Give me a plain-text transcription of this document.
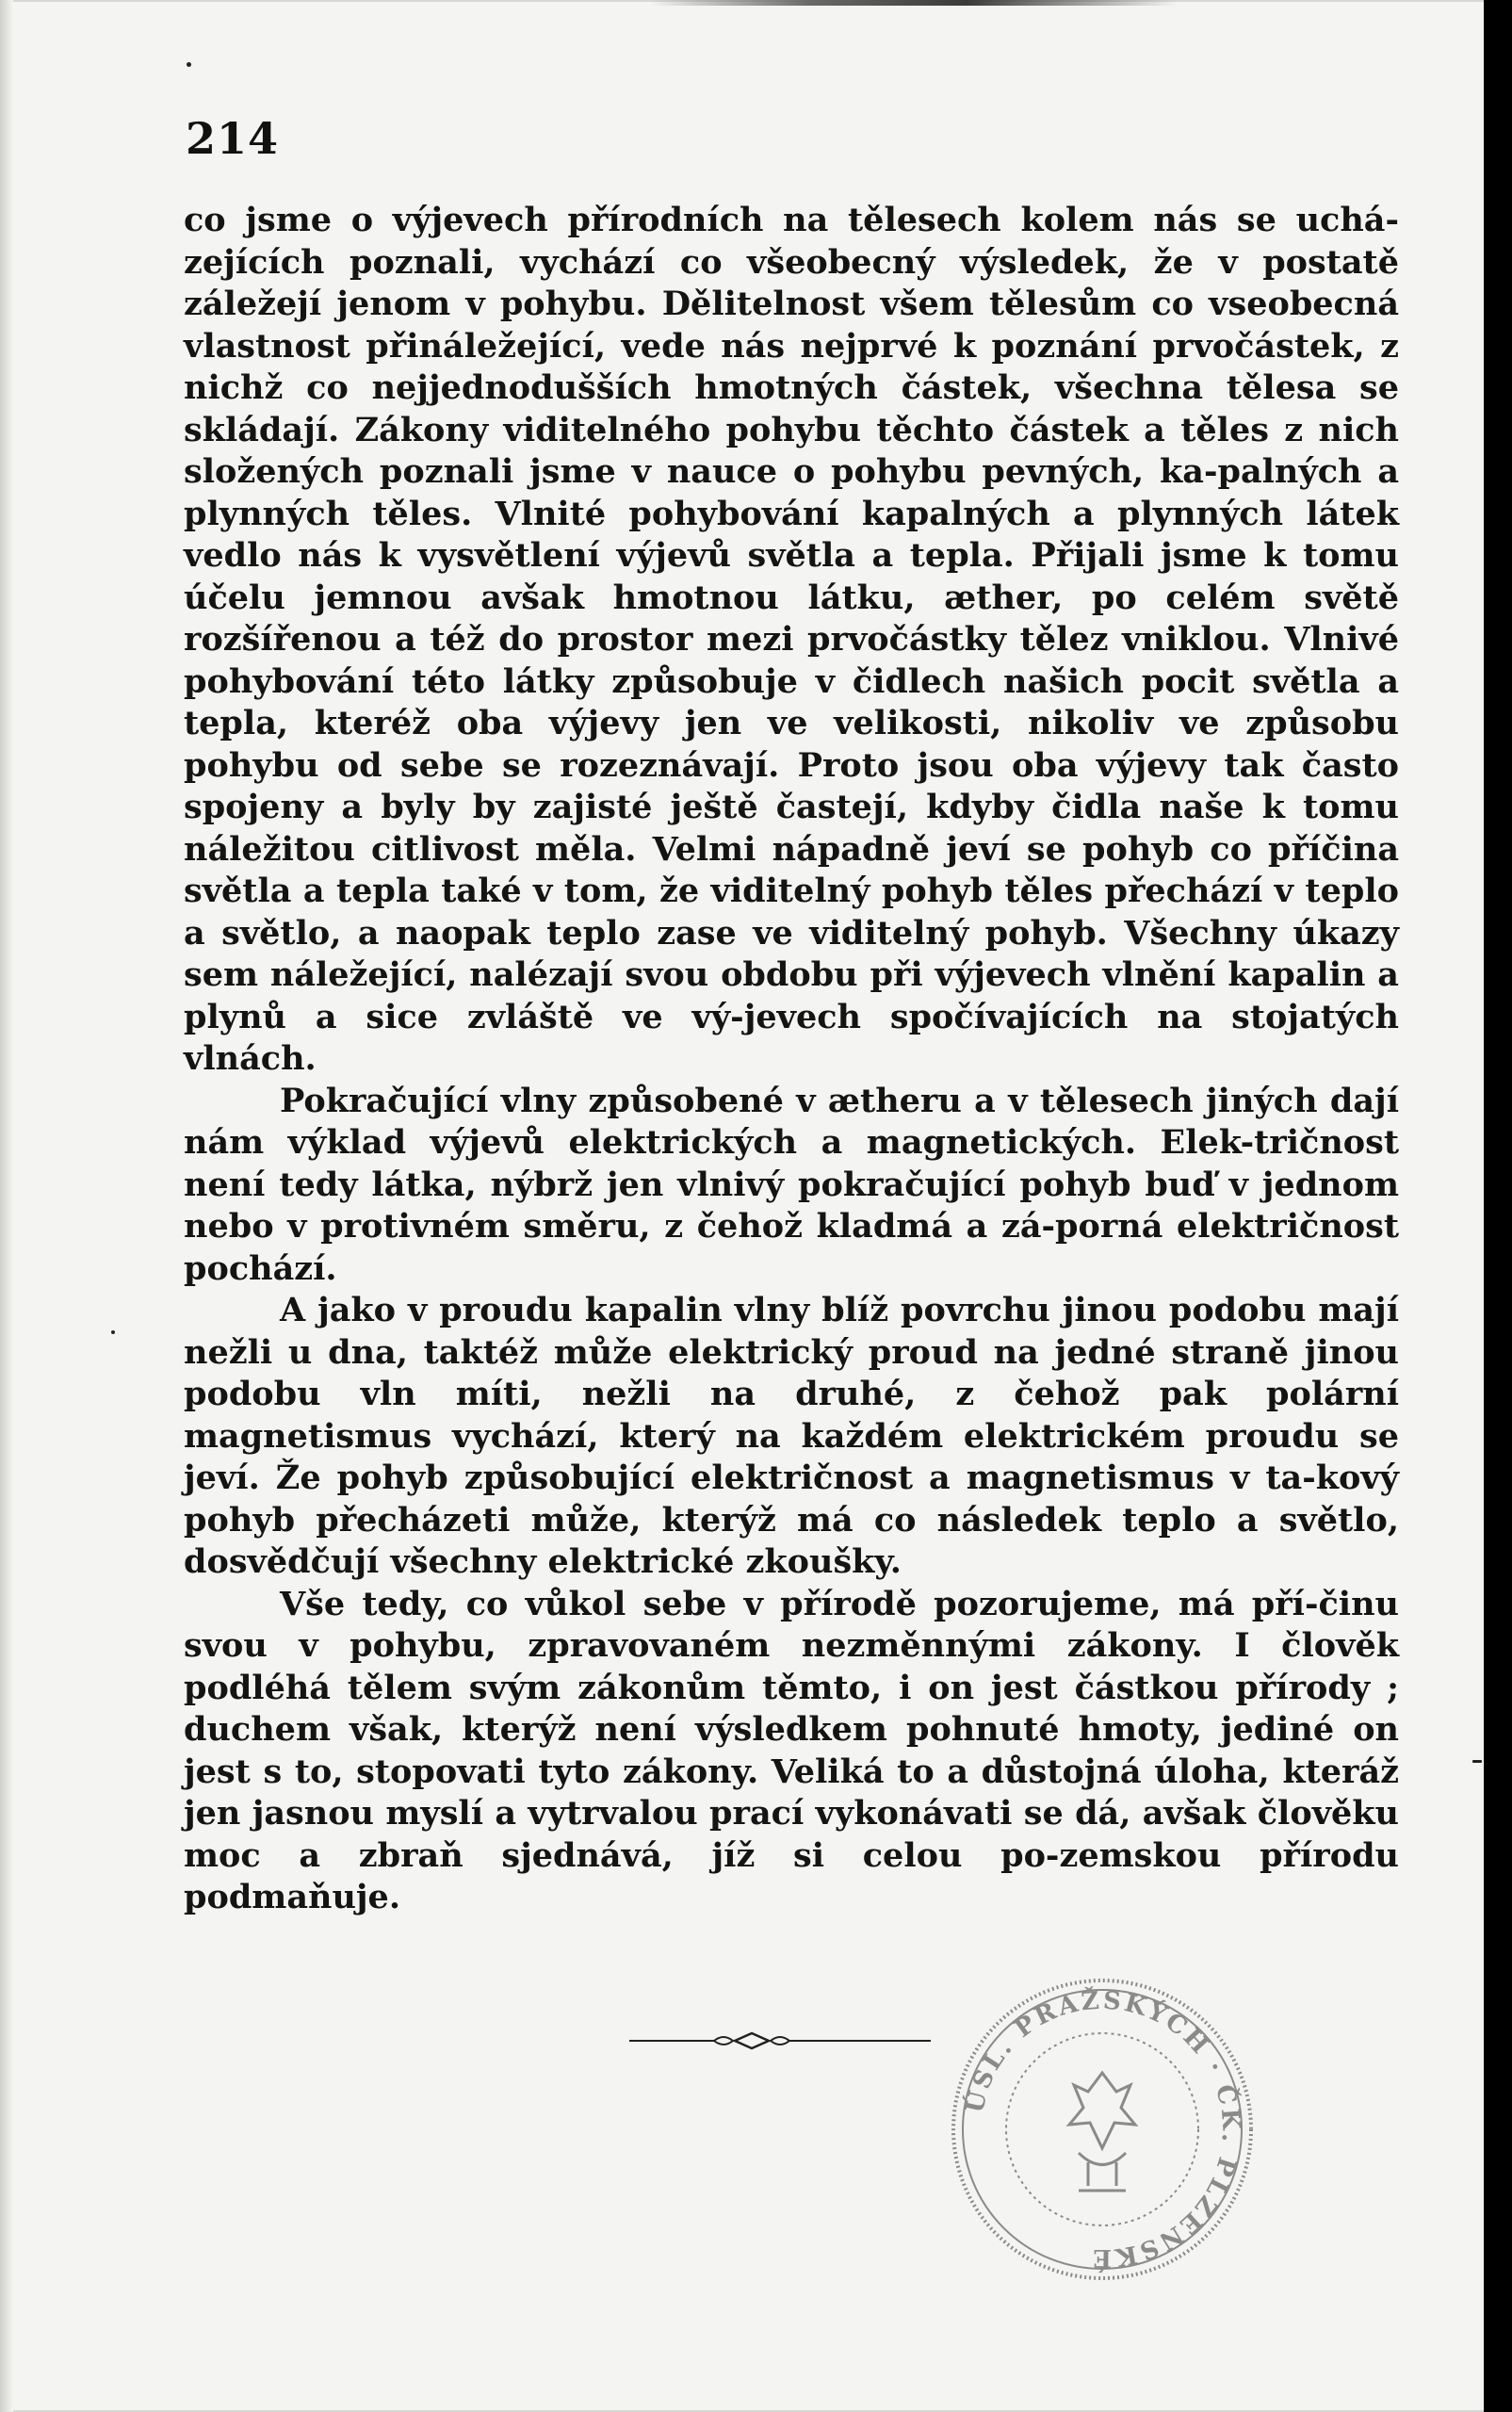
214

co jsme o výjevech přírodních na tělesech kolem nás se uchá-zejících poznali, vychází co všeobecný výsledek, že v postatě záležejí jenom v pohybu. Dělitelnost všem tělesům co vseobecná vlastnost přináležející, vede nás nejprvé k poznání prvočástek, z nichž co nejjednodušších hmotných částek, všechna tělesa se skládají. Zákony viditelného pohybu těchto částek a těles z nich složených poznali jsme v nauce o pohybu pevných, ka-palných a plynných těles. Vlnité pohybování kapalných a plynných látek vedlo nás k vysvětlení výjevů světla a tepla. Přijali jsme k tomu účelu jemnou avšak hmotnou látku, æther, po celém světě rozšířenou a též do prostor mezi prvočástky tělez vniklou. Vlnivé pohybování této látky způsobuje v čidlech našich pocit světla a tepla, kteréž oba výjevy jen ve velikosti, nikoliv ve způsobu pohybu od sebe se rozeznávají. Proto jsou oba výjevy tak často spojeny a byly by zajisté ještě častejí, kdyby čidla naše k tomu náležitou citlivost měla. Velmi nápadně jeví se pohyb co příčina světla a tepla také v tom, že viditelný pohyb těles přechází v teplo a světlo, a naopak teplo zase ve viditelný pohyb. Všechny úkazy sem náležející, nalézají svou obdobu při výjevech vlnění kapalin a plynů a sice zvláště ve vý-jevech spočívajících na stojatých vlnách.

Pokračující vlny způsobené v ætheru a v tělesech jiných dají nám výklad výjevů elektrických a magnetických. Elek-tričnost není tedy látka, nýbrž jen vlnivý pokračující pohyb buď v jednom nebo v protivném směru, z čehož kladmá a zá-porná električnost pochází.

A jako v proudu kapalin vlny blíž povrchu jinou podobu mají nežli u dna, taktéž může elektrický proud na jedné straně jinou podobu vln míti, nežli na druhé, z čehož pak polární magnetismus vychází, který na každém elektrickém proudu se jeví. Že pohyb způsobující električnost a magnetismus v ta-kový pohyb přecházeti může, kterýž má co následek teplo a světlo, dosvědčují všechny elektrické zkoušky.

Vše tedy, co vůkol sebe v přírodě pozorujeme, má pří-činu svou v pohybu, zpravovaném nezměnnými zákony. I člověk podléhá tělem svým zákonům těmto, i on jest částkou přírody ; duchem však, kterýž není výsledkem pohnuté hmoty, jediné on jest s to, stopovati tyto zákony. Veliká to a důstojná úloha, kteráž jen jasnou myslí a vytrvalou prací vykonávati se dá, avšak člověku moc a zbraň sjednává, jíž si celou po-zemskou přírodu podmaňuje.

ÚSL. PRAŽSKÝCH · ČK. PLZENSKÉ
